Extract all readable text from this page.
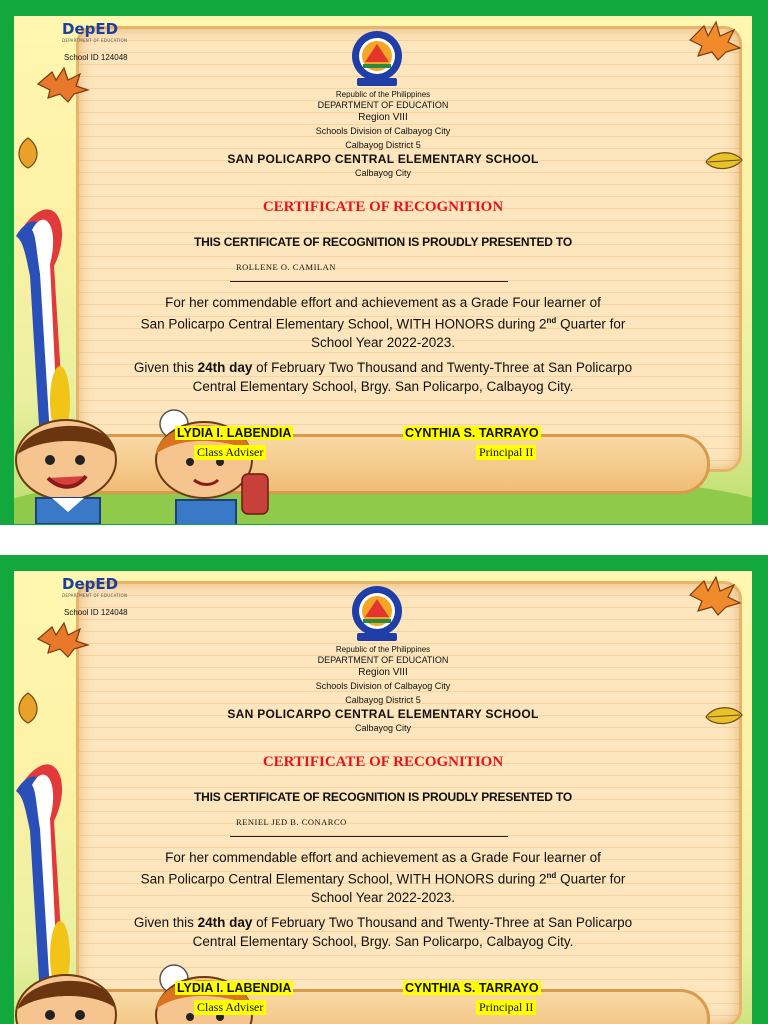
DepED
DEPARTMENT OF EDUCATION
School ID 124048
Republic of the Philippines
DEPARTMENT OF EDUCATION
Region VIII
Schools Division of Calbayog City
Calbayog District 5
SAN POLICARPO CENTRAL ELEMENTARY SCHOOL
Calbayog City
CERTIFICATE OF RECOGNITION
THIS CERTIFICATE OF RECOGNITION IS PROUDLY PRESENTED TO
ROLLENE O. CAMILAN
For her commendable effort and achievement as a Grade Four learner of
San Policarpo Central Elementary School, WITH HONORS during 2nd Quarter for
School Year 2022-2023.
Given this 24th day of February Two Thousand and Twenty-Three at San Policarpo
Central Elementary School, Brgy. San Policarpo, Calbayog City.
LYDIA I. LABENDIA
Class Adviser
CYNTHIA S. TARRAYO
Principal II
DepED
DEPARTMENT OF EDUCATION
School ID 124048
Republic of the Philippines
DEPARTMENT OF EDUCATION
Region VIII
Schools Division of Calbayog City
Calbayog District 5
SAN POLICARPO CENTRAL ELEMENTARY SCHOOL
Calbayog City
CERTIFICATE OF RECOGNITION
THIS CERTIFICATE OF RECOGNITION IS PROUDLY PRESENTED TO
RENIEL JED B. CONARCO
For her commendable effort and achievement as a Grade Four learner of
San Policarpo Central Elementary School, WITH HONORS during 2nd Quarter for
School Year 2022-2023.
Given this 24th day of February Two Thousand and Twenty-Three at San Policarpo
Central Elementary School, Brgy. San Policarpo, Calbayog City.
LYDIA I. LABENDIA
Class Adviser
CYNTHIA S. TARRAYO
Principal II
